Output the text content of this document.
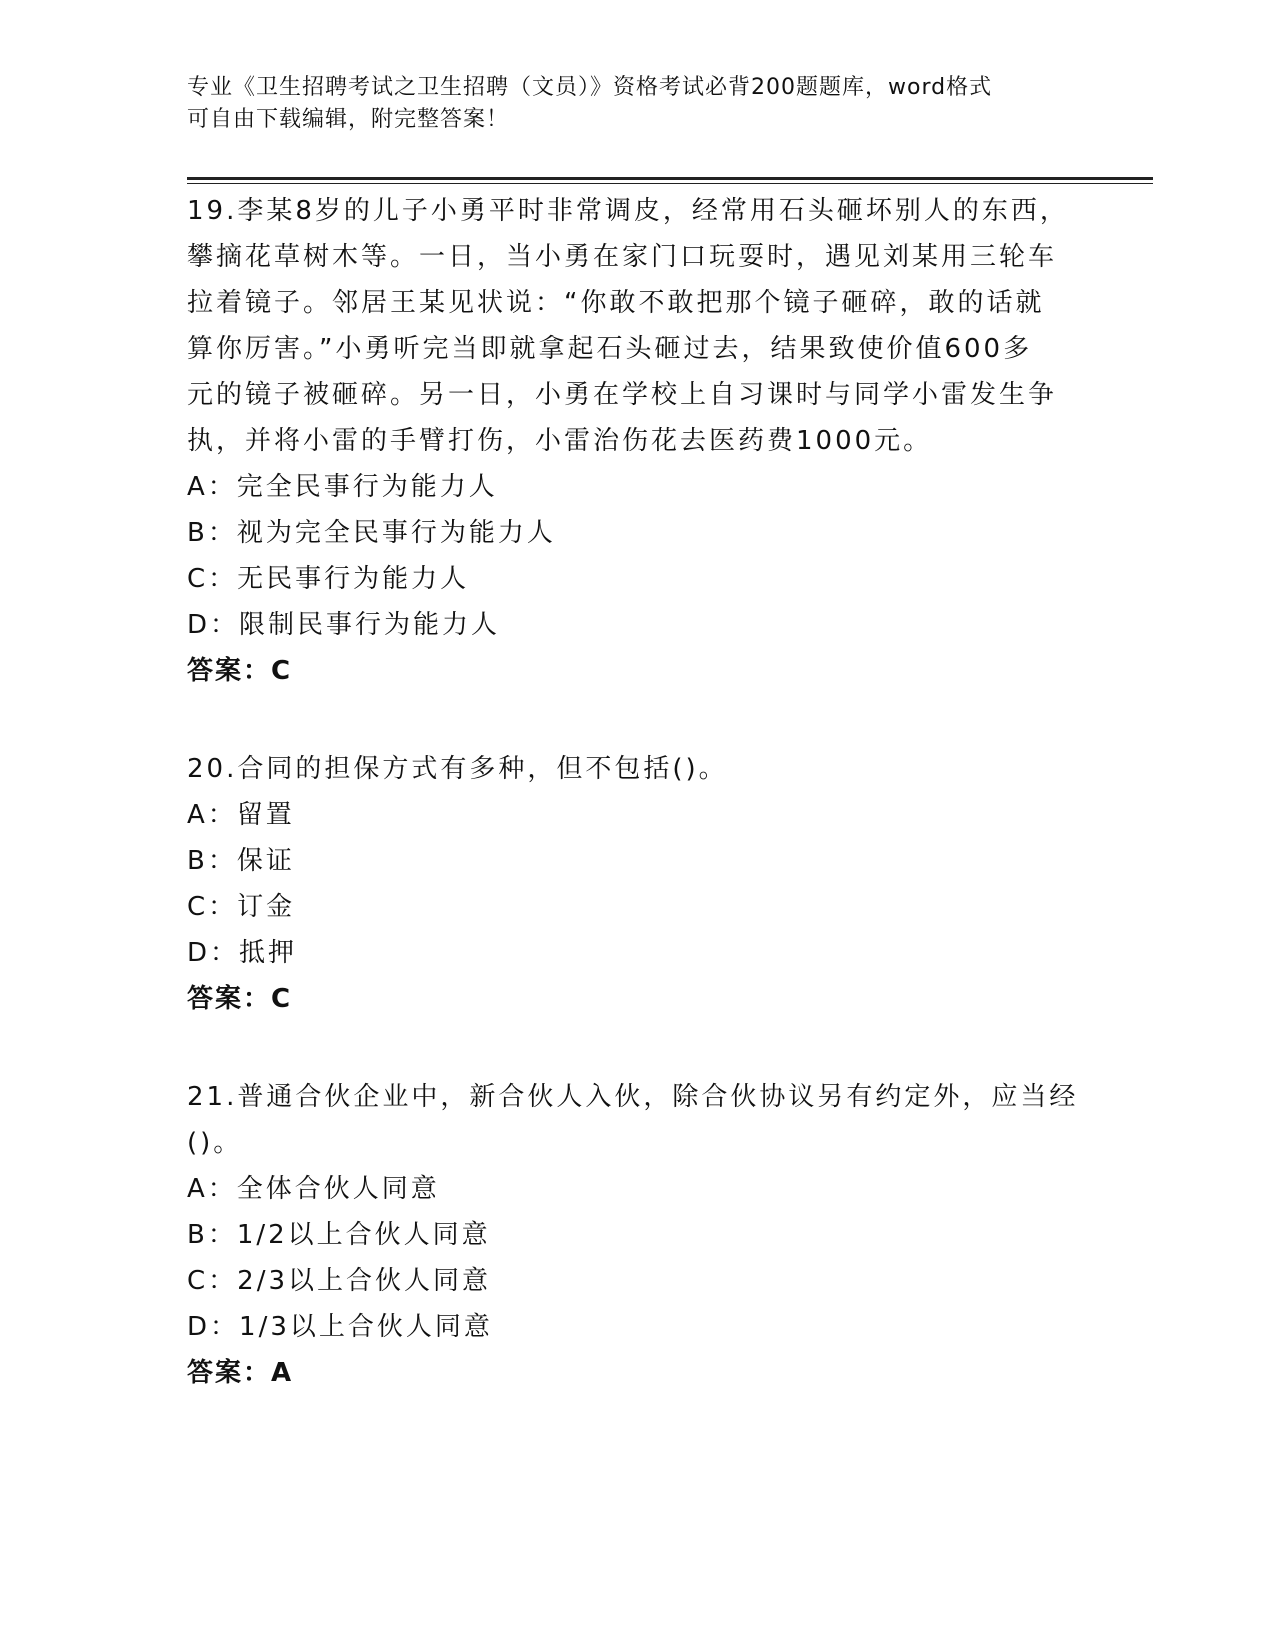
专业《卫生招聘考试之卫生招聘（文员）》资格考试必背200题题库，word格式
可自由下载编辑，附完整答案！
19.李某8岁的儿子小勇平时非常调皮，经常用石头砸坏别人的东西，
攀摘花草树木等。一日，当小勇在家门口玩耍时，遇见刘某用三轮车
拉着镜子。邻居王某见状说：“你敢不敢把那个镜子砸碎，敢的话就
算你厉害。”小勇听完当即就拿起石头砸过去，结果致使价值600多
元的镜子被砸碎。另一日，小勇在学校上自习课时与同学小雷发生争
执，并将小雷的手臂打伤，小雷治伤花去医药费1000元。
A：完全民事行为能力人
B：视为完全民事行为能力人
C：无民事行为能力人
D：限制民事行为能力人
答案：C
20.合同的担保方式有多种，但不包括()。
A：留置
B：保证
C：订金
D：抵押
答案：C
21.普通合伙企业中，新合伙人入伙，除合伙协议另有约定外，应当经
()。
A：全体合伙人同意
B：1/2以上合伙人同意
C：2/3以上合伙人同意
D：1/3以上合伙人同意
答案：A
